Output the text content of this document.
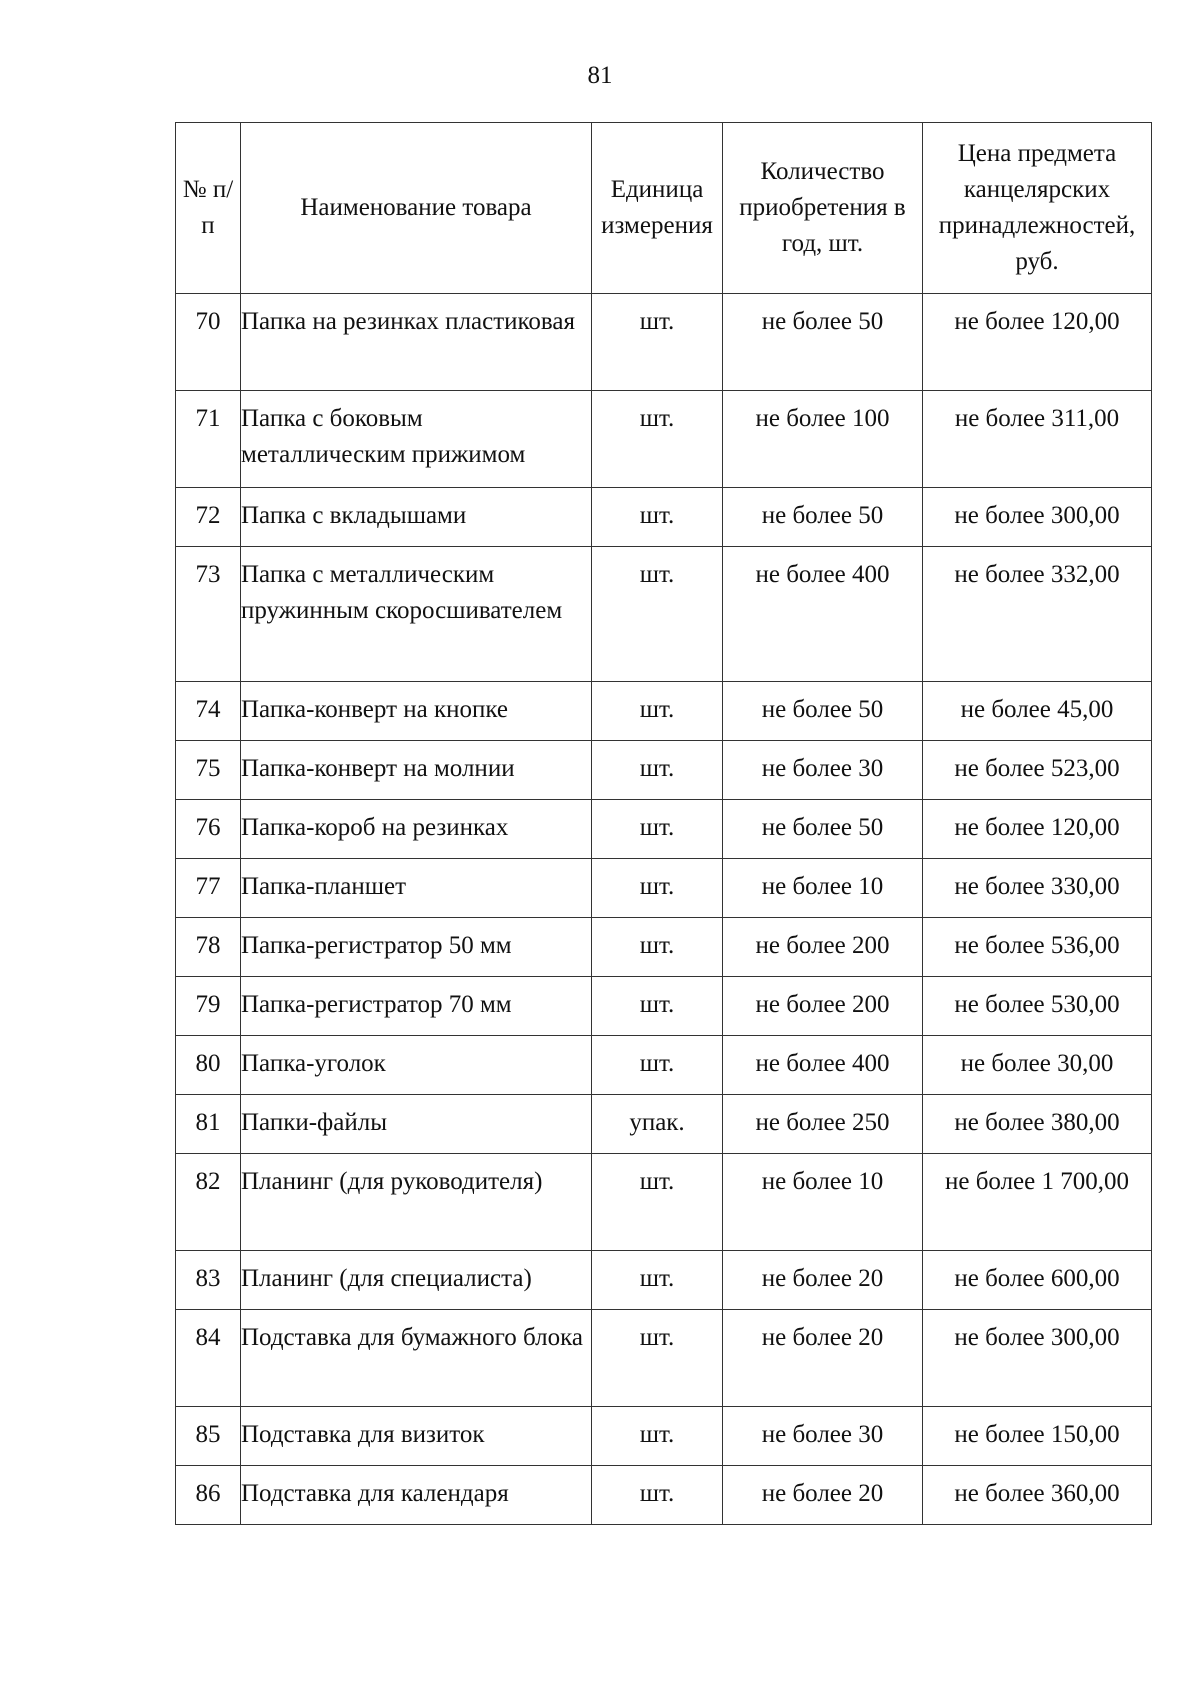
81
№ п/п	Наименование товара	Единица измерения	Количество приобретения в год, шт.	Цена предмета канцелярских принадлежностей, руб.
70	Папка на резинках пластиковая	шт.	не более 50	не более 120,00
71	Папка с боковым металлическим прижимом	шт.	не более 100	не более 311,00
72	Папка с вкладышами	шт.	не более 50	не более 300,00
73	Папка с металлическим пружинным скоросшивателем	шт.	не более 400	не более 332,00
74	Папка-конверт на кнопке	шт.	не более 50	не более 45,00
75	Папка-конверт на молнии	шт.	не более 30	не более 523,00
76	Папка-короб на резинках	шт.	не более 50	не более 120,00
77	Папка-планшет	шт.	не более 10	не более 330,00
78	Папка-регистратор 50 мм	шт.	не более 200	не более 536,00
79	Папка-регистратор 70 мм	шт.	не более 200	не более 530,00
80	Папка-уголок	шт.	не более 400	не более 30,00
81	Папки-файлы	упак.	не более 250	не более 380,00
82	Планинг (для руководителя)	шт.	не более 10	не более 1 700,00
83	Планинг (для специалиста)	шт.	не более 20	не более 600,00
84	Подставка для бумажного блока	шт.	не более 20	не более 300,00
85	Подставка для визиток	шт.	не более 30	не более 150,00
86	Подставка для календаря	шт.	не более 20	не более 360,00
